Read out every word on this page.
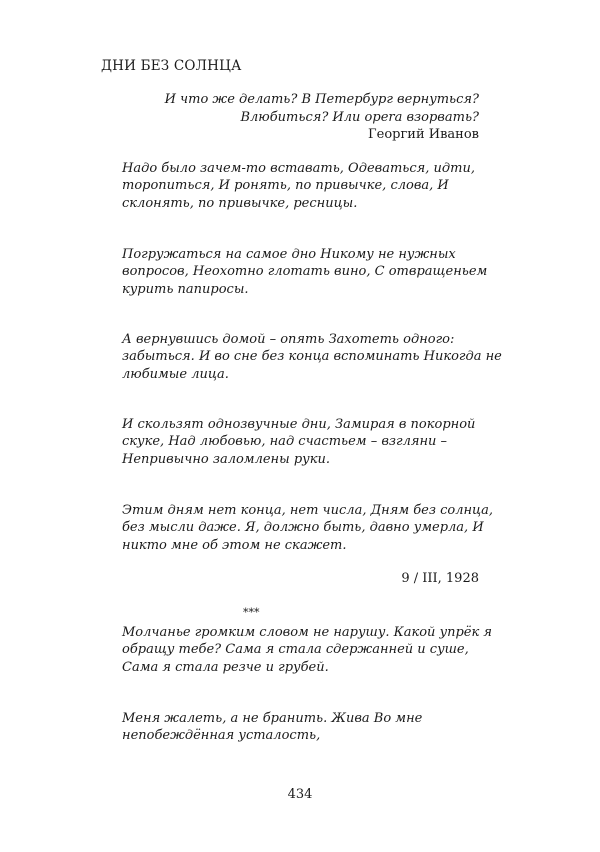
ДНИ БЕЗ СОЛНЦА
И что же делать? В Петербург вернуться?
Влюбиться? Или opera взорвать?
Георгий Иванов
Надо было зачем-то вставать, Одеваться, идти, торопиться, И ронять, по привычке, слова, И склонять, по привычке, ресницы.
Погружаться на самое дно Никому не нужных вопросов, Неохотно глотать вино, С отвращеньем курить папиросы.
А вернувшись домой – опять Захотеть одного: забыться. И во сне без конца вспоминать Никогда не любимые лица.
И скользят однозвучные дни, Замирая в покорной скуке, Над любовью, над счастьем – взгляни – Непривычно заломлены руки.
Этим дням нет конца, нет числа, Дням без солнца, без мысли даже. Я, должно быть, давно умерла, И никто мне об этом не скажет.
9 / III, 1928
***
Молчанье громким словом не нарушу. Какой упрёк я обращу тебе? Сама я стала сдержанней и суше, Сама я стала резче и грубей.
Меня жалеть, а не бранить. Жива Во мне непобеждённая усталость,
434
